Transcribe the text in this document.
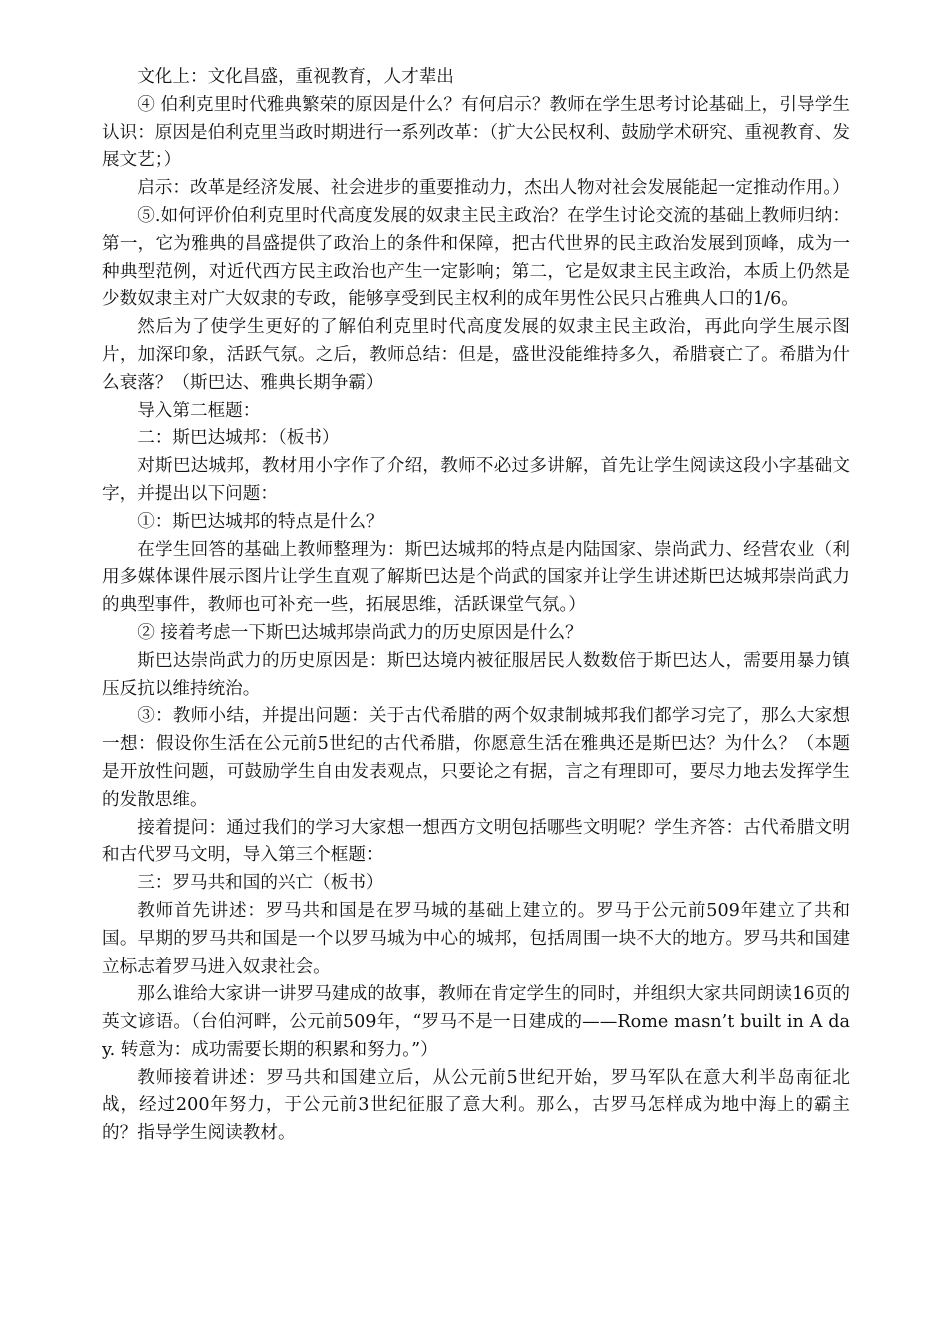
文化上：文化昌盛，重视教育，人才辈出

④ 伯利克里时代雅典繁荣的原因是什么？有何启示？教师在学生思考讨论基础上，引导学生认识：原因是伯利克里当政时期进行一系列改革：（扩大公民权利、鼓励学术研究、重视教育、发展文艺；）

启示：改革是经济发展、社会进步的重要推动力，杰出人物对社会发展能起一定推动作用。）

⑤.如何评价伯利克里时代高度发展的奴隶主民主政治？在学生讨论交流的基础上教师归纳：第一，它为雅典的昌盛提供了政治上的条件和保障，把古代世界的民主政治发展到顶峰，成为一种典型范例，对近代西方民主政治也产生一定影响；第二，它是奴隶主民主政治，本质上仍然是少数奴隶主对广大奴隶的专政，能够享受到民主权利的成年男性公民只占雅典人口的1/6。

然后为了使学生更好的了解伯利克里时代高度发展的奴隶主民主政治，再此向学生展示图片，加深印象，活跃气氛。之后，教师总结：但是，盛世没能维持多久，希腊衰亡了。希腊为什么衰落？（斯巴达、雅典长期争霸）

导入第二框题：

二：斯巴达城邦：（板书）

对斯巴达城邦，教材用小字作了介绍，教师不必过多讲解，首先让学生阅读这段小字基础文字，并提出以下问题：

①：斯巴达城邦的特点是什么？

在学生回答的基础上教师整理为：斯巴达城邦的特点是内陆国家、崇尚武力、经营农业（利用多媒体课件展示图片让学生直观了解斯巴达是个尚武的国家并让学生讲述斯巴达城邦崇尚武力的典型事件，教师也可补充一些，拓展思维，活跃课堂气氛。）

② 接着考虑一下斯巴达城邦崇尚武力的历史原因是什么？

斯巴达崇尚武力的历史原因是：斯巴达境内被征服居民人数数倍于斯巴达人，需要用暴力镇压反抗以维持统治。

③：教师小结，并提出问题：关于古代希腊的两个奴隶制城邦我们都学习完了，那么大家想一想：假设你生活在公元前5世纪的古代希腊，你愿意生活在雅典还是斯巴达？为什么？（本题是开放性问题，可鼓励学生自由发表观点，只要论之有据，言之有理即可，要尽力地去发挥学生的发散思维。

接着提问：通过我们的学习大家想一想西方文明包括哪些文明呢？学生齐答：古代希腊文明和古代罗马文明，导入第三个框题：

三：罗马共和国的兴亡（板书）

教师首先讲述：罗马共和国是在罗马城的基础上建立的。罗马于公元前509年建立了共和国。早期的罗马共和国是一个以罗马城为中心的城邦，包括周围一块不大的地方。罗马共和国建立标志着罗马进入奴隶社会。

那么谁给大家讲一讲罗马建成的故事，教师在肯定学生的同时，并组织大家共同朗读16页的英文谚语。（台伯河畔，公元前509年，“罗马不是一日建成的——Rome masn’t built in A day. 转意为：成功需要长期的积累和努力。”）

教师接着讲述：罗马共和国建立后，从公元前5世纪开始，罗马军队在意大利半岛南征北战，经过200年努力，于公元前3世纪征服了意大利。那么，古罗马怎样成为地中海上的霸主的？指导学生阅读教材。
